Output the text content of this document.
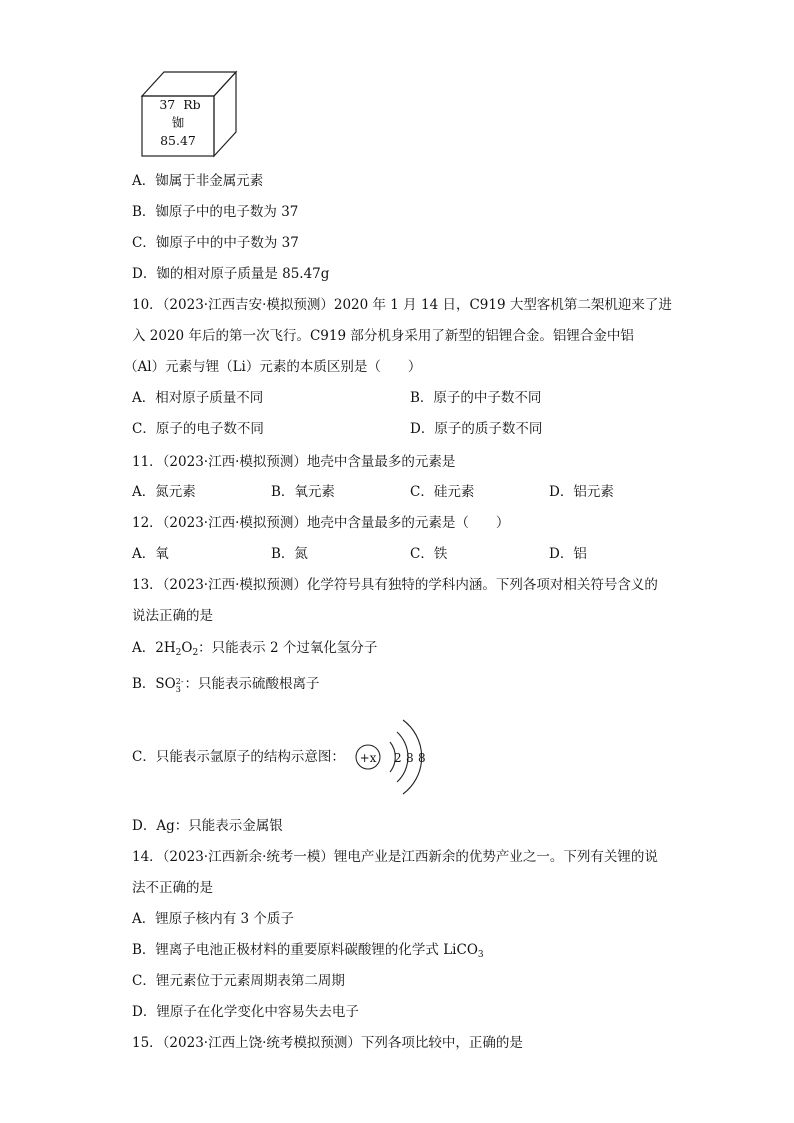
37 Rb
铷
85.47
A．铷属于非金属元素
B．铷原子中的电子数为 37
C．铷原子中的中子数为 37
D．铷的相对原子质量是 85.47g
10．（2023·江西吉安·模拟预测）2020 年 1 月 14 日，C919 大型客机第二架机迎来了进
入 2020 年后的第一次飞行。C919 部分机身采用了新型的铝锂合金。铝锂合金中铝
（Al）元素与锂（Li）元素的本质区别是（　　）
A．相对原子质量不同	B．原子的中子数不同
C．原子的电子数不同	D．原子的质子数不同
11．（2023·江西·模拟预测）地壳中含量最多的元素是
A．氮元素	B．氧元素	C．硅元素	D．铝元素
12．（2023·江西·模拟预测）地壳中含量最多的元素是（　　）
A．氧	B．氮	C．铁	D．铝
13．（2023·江西·模拟预测）化学符号具有独特的学科内涵。下列各项对相关符号含义的
说法正确的是
A．$2H_2O_2$：只能表示 2 个过氧化氢分子
B．SO2-
3 ：只能表示硫酸根离子
C．只能表示氩原子的结构示意图： +x 2 8 8
D．Ag：只能表示金属银
14．（2023·江西新余·统考一模）锂电产业是江西新余的优势产业之一。下列有关锂的说
法不正确的是
A．锂原子核内有 3 个质子
B．锂离子电池正极材料的重要原料碳酸锂的化学式 LiCO$_3$
C．锂元素位于元素周期表第二周期
D．锂原子在化学变化中容易失去电子
15．（2023·江西上饶·统考模拟预测）下列各项比较中，正确的是
